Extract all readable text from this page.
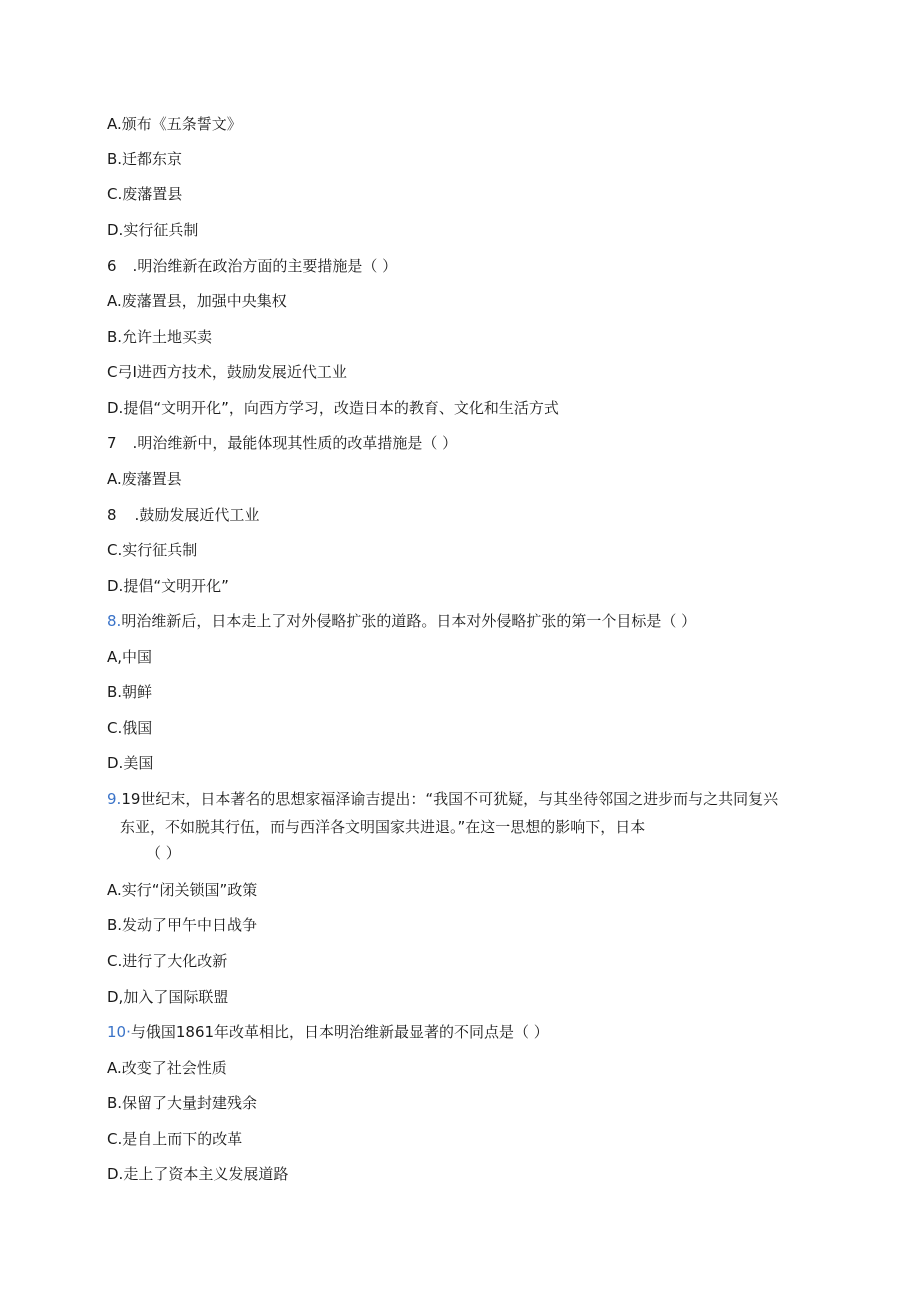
A.颁布《五条誓文》
B.迁都东京
C.废藩置县
D.实行征兵制
6 .明治维新在政治方面的主要措施是（ ）
A.废藩置县，加强中央集权
B.允许土地买卖
C弓I进西方技术，鼓励发展近代工业
D.提倡“文明开化”，向西方学习，改造日本的教育、文化和生活方式
7 .明治维新中，最能体现其性质的改革措施是（ ）
A.废藩置县
8 .鼓励发展近代工业
C.实行征兵制
D.提倡“文明开化”
8.明治维新后，日本走上了对外侵略扩张的道路。日本对外侵略扩张的第一个目标是（ ）
A,中国
B.朝鲜
C.俄国
D.美国
9.19世纪末，日本著名的思想家福泽谕吉提出：“我国不可犹疑，与其坐待邻国之进步而与之共同复兴
东亚，不如脱其行伍，而与西洋各文明国家共进退。”在这一思想的影响下，日本
（ ）
A.实行“闭关锁国”政策
B.发动了甲午中日战争
C.进行了大化改新
D,加入了国际联盟
10·与俄国1861年改革相比，日本明治维新最显著的不同点是（ ）
A.改变了社会性质
B.保留了大量封建残余
C.是自上而下的改革
D.走上了资本主义发展道路
